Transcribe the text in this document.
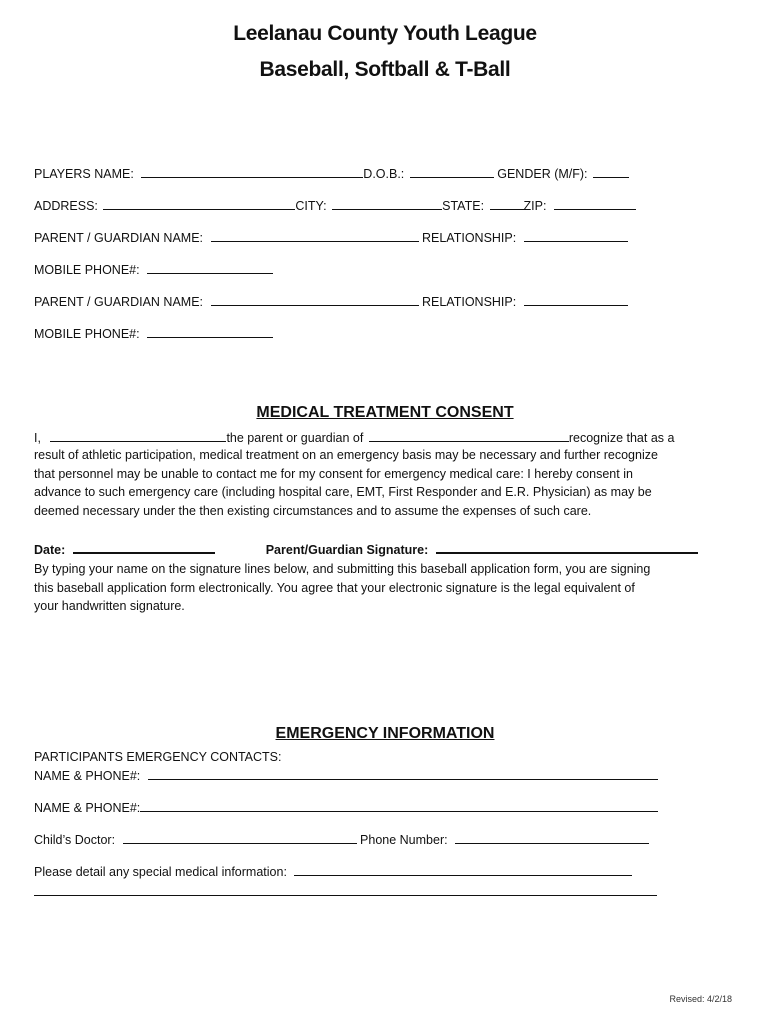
Leelanau County Youth League
Baseball, Softball & T-Ball
PLAYERS NAME:	D.O.B.:	GENDER (M/F):
ADDRESS:	CITY:	STATE:	ZIP:
PARENT / GUARDIAN NAME:	RELATIONSHIP:
MOBILE PHONE#:
PARENT / GUARDIAN NAME:	RELATIONSHIP:
MOBILE PHONE#:
MEDICAL TREATMENT CONSENT
I,	the parent or guardian of	recognize that as a
result of athletic participation, medical treatment on an emergency basis may be necessary and further recognize
that personnel may be unable to contact me for my consent for emergency medical care: I hereby consent in
advance to such emergency care (including hospital care, EMT, First Responder and E.R. Physician) as may be
deemed necessary under the then existing circumstances and to assume the expenses of such care.
Date:	Parent/Guardian Signature:
By typing your name on the signature lines below, and submitting this baseball application form, you are signing
this baseball application form electronically. You agree that your electronic signature is the legal equivalent of
your handwritten signature.
EMERGENCY INFORMATION
PARTICIPANTS EMERGENCY CONTACTS:
NAME & PHONE#:
NAME & PHONE#:
Child’s Doctor:	Phone Number:
Please detail any special medical information:
Revised: 4/2/18
